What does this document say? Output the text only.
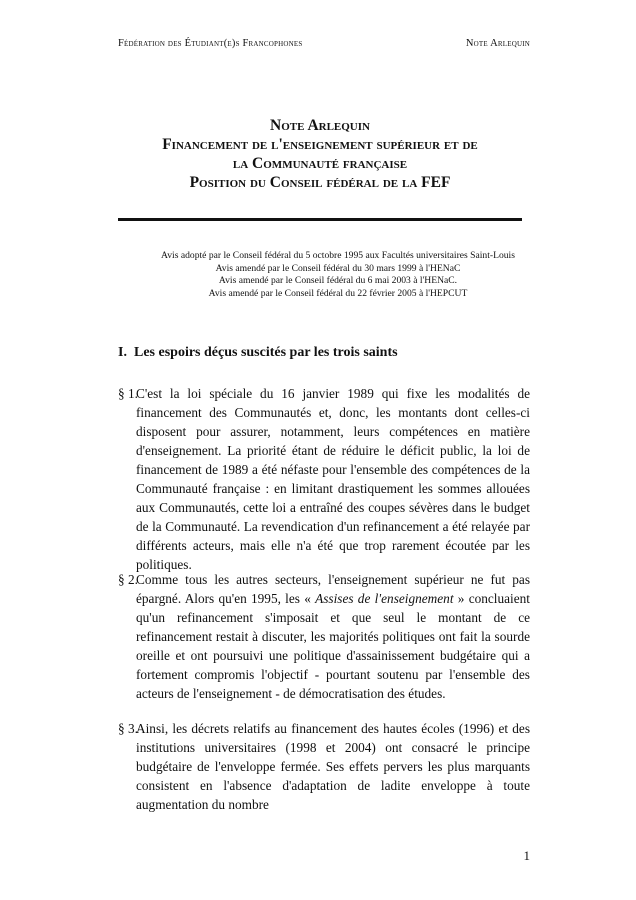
Fédération des Étudiant(e)s Francophones	Note Arlequin
Note Arlequin
Financement de l'enseignement supérieur et de
la Communauté française
Position du Conseil fédéral de la FEF
Avis adopté par le Conseil fédéral du 5 octobre 1995 aux Facultés universitaires Saint-Louis
Avis amendé par le Conseil fédéral du 30 mars 1999 à l'HENaC
Avis amendé par le Conseil fédéral du 6 mai 2003 à l'HENaC.
Avis amendé par le Conseil fédéral du 22 février 2005 à l'HEPCUT
I. Les espoirs déçus suscités par les trois saints
§ 1.
C'est la loi spéciale du 16 janvier 1989 qui fixe les modalités de financement des Communautés et, donc, les montants dont celles-ci disposent pour assurer, notamment, leurs compétences en matière d'enseignement. La priorité étant de réduire le déficit public, la loi de financement de 1989 a été néfaste pour l'ensemble des compétences de la Communauté française : en limitant drastiquement les sommes allouées aux Communautés, cette loi a entraîné des coupes sévères dans le budget de la Communauté. La revendication d'un refinancement a été relayée par différents acteurs, mais elle n'a été que trop rarement écoutée par les politiques.
§ 2.
Comme tous les autres secteurs, l'enseignement supérieur ne fut pas épargné. Alors qu'en 1995, les « Assises de l'enseignement » concluaient qu'un refinancement s'imposait et que seul le montant de ce refinancement restait à discuter, les majorités politiques ont fait la sourde oreille et ont poursuivi une politique d'assainissement budgétaire qui a fortement compromis l'objectif - pourtant soutenu par l'ensemble des acteurs de l'enseignement - de démocratisation des études.
§ 3.
Ainsi, les décrets relatifs au financement des hautes écoles (1996) et des institutions universitaires (1998 et 2004) ont consacré le principe budgétaire de l'enveloppe fermée. Ses effets pervers les plus marquants consistent en l'absence d'adaptation de ladite enveloppe à toute augmentation du nombre
1
